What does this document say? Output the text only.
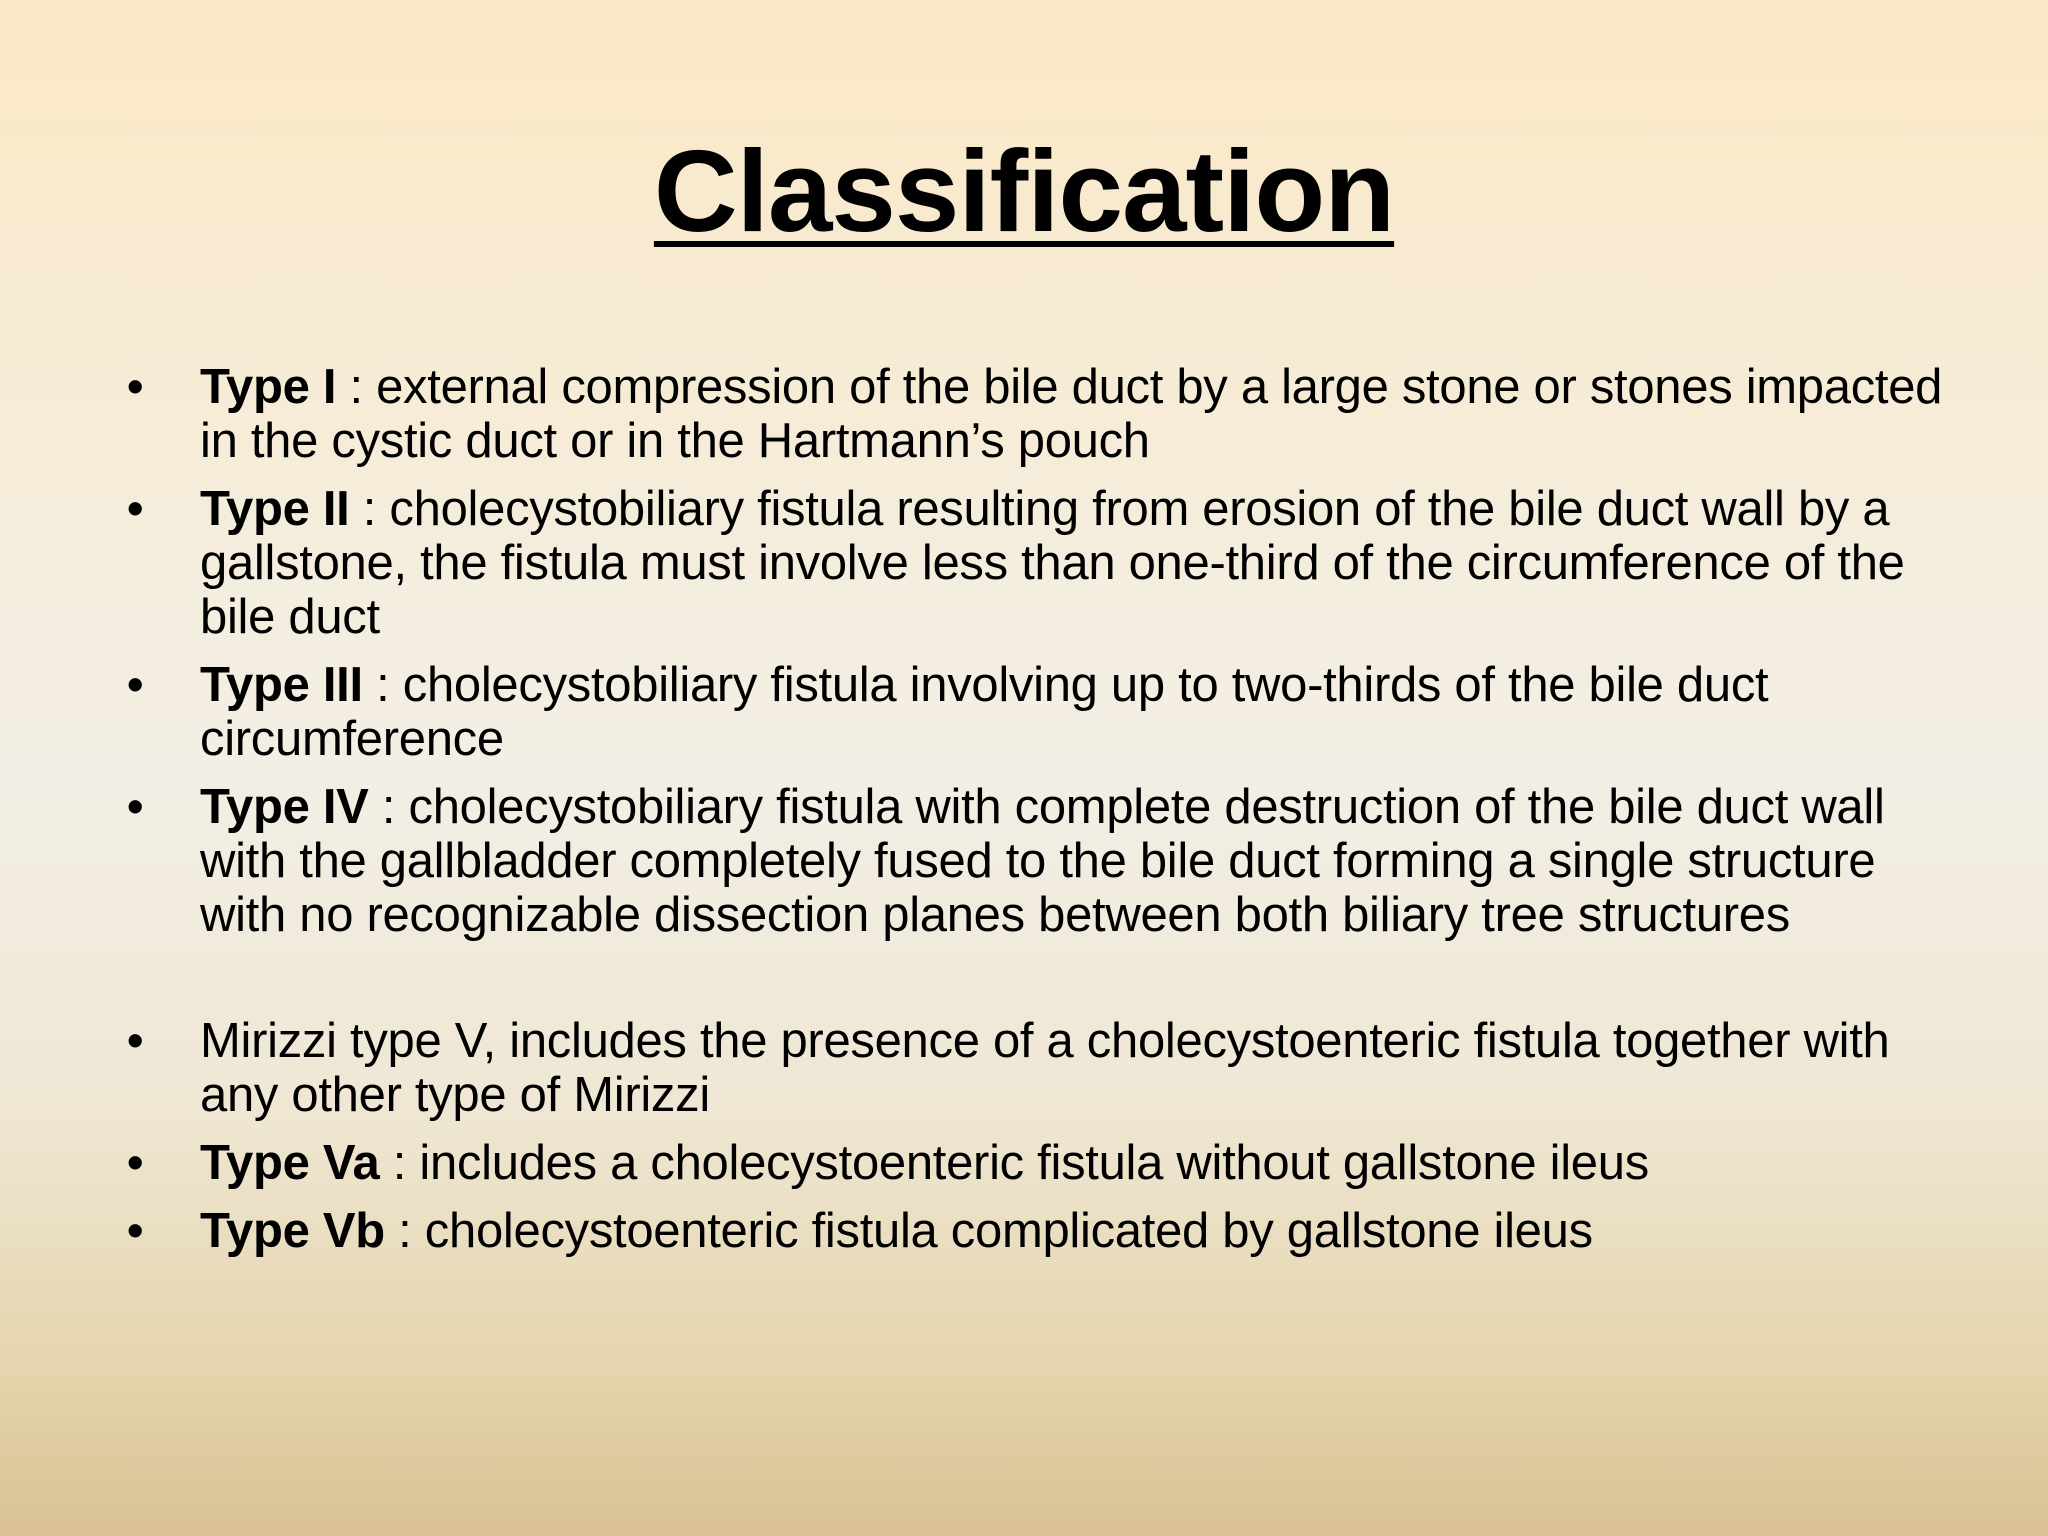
Classification
• Type I : external compression of the bile duct by a large stone or stones impacted in the cystic duct or in the Hartmann’s pouch
• Type II : cholecystobiliary fistula resulting from erosion of the bile duct wall by a gallstone, the fistula must involve less than one-third of the circumference of the bile duct
• Type III : cholecystobiliary fistula involving up to two-thirds of the bile duct circumference
• Type IV : cholecystobiliary fistula with complete destruction of the bile duct wall with the gallbladder completely fused to the bile duct forming a single structure with no recognizable dissection planes between both biliary tree structures
• Mirizzi type V, includes the presence of a cholecystoenteric fistula together with any other type of Mirizzi
• Type Va : includes a cholecystoenteric fistula without gallstone ileus
• Type Vb : cholecystoenteric fistula complicated by gallstone ileus
